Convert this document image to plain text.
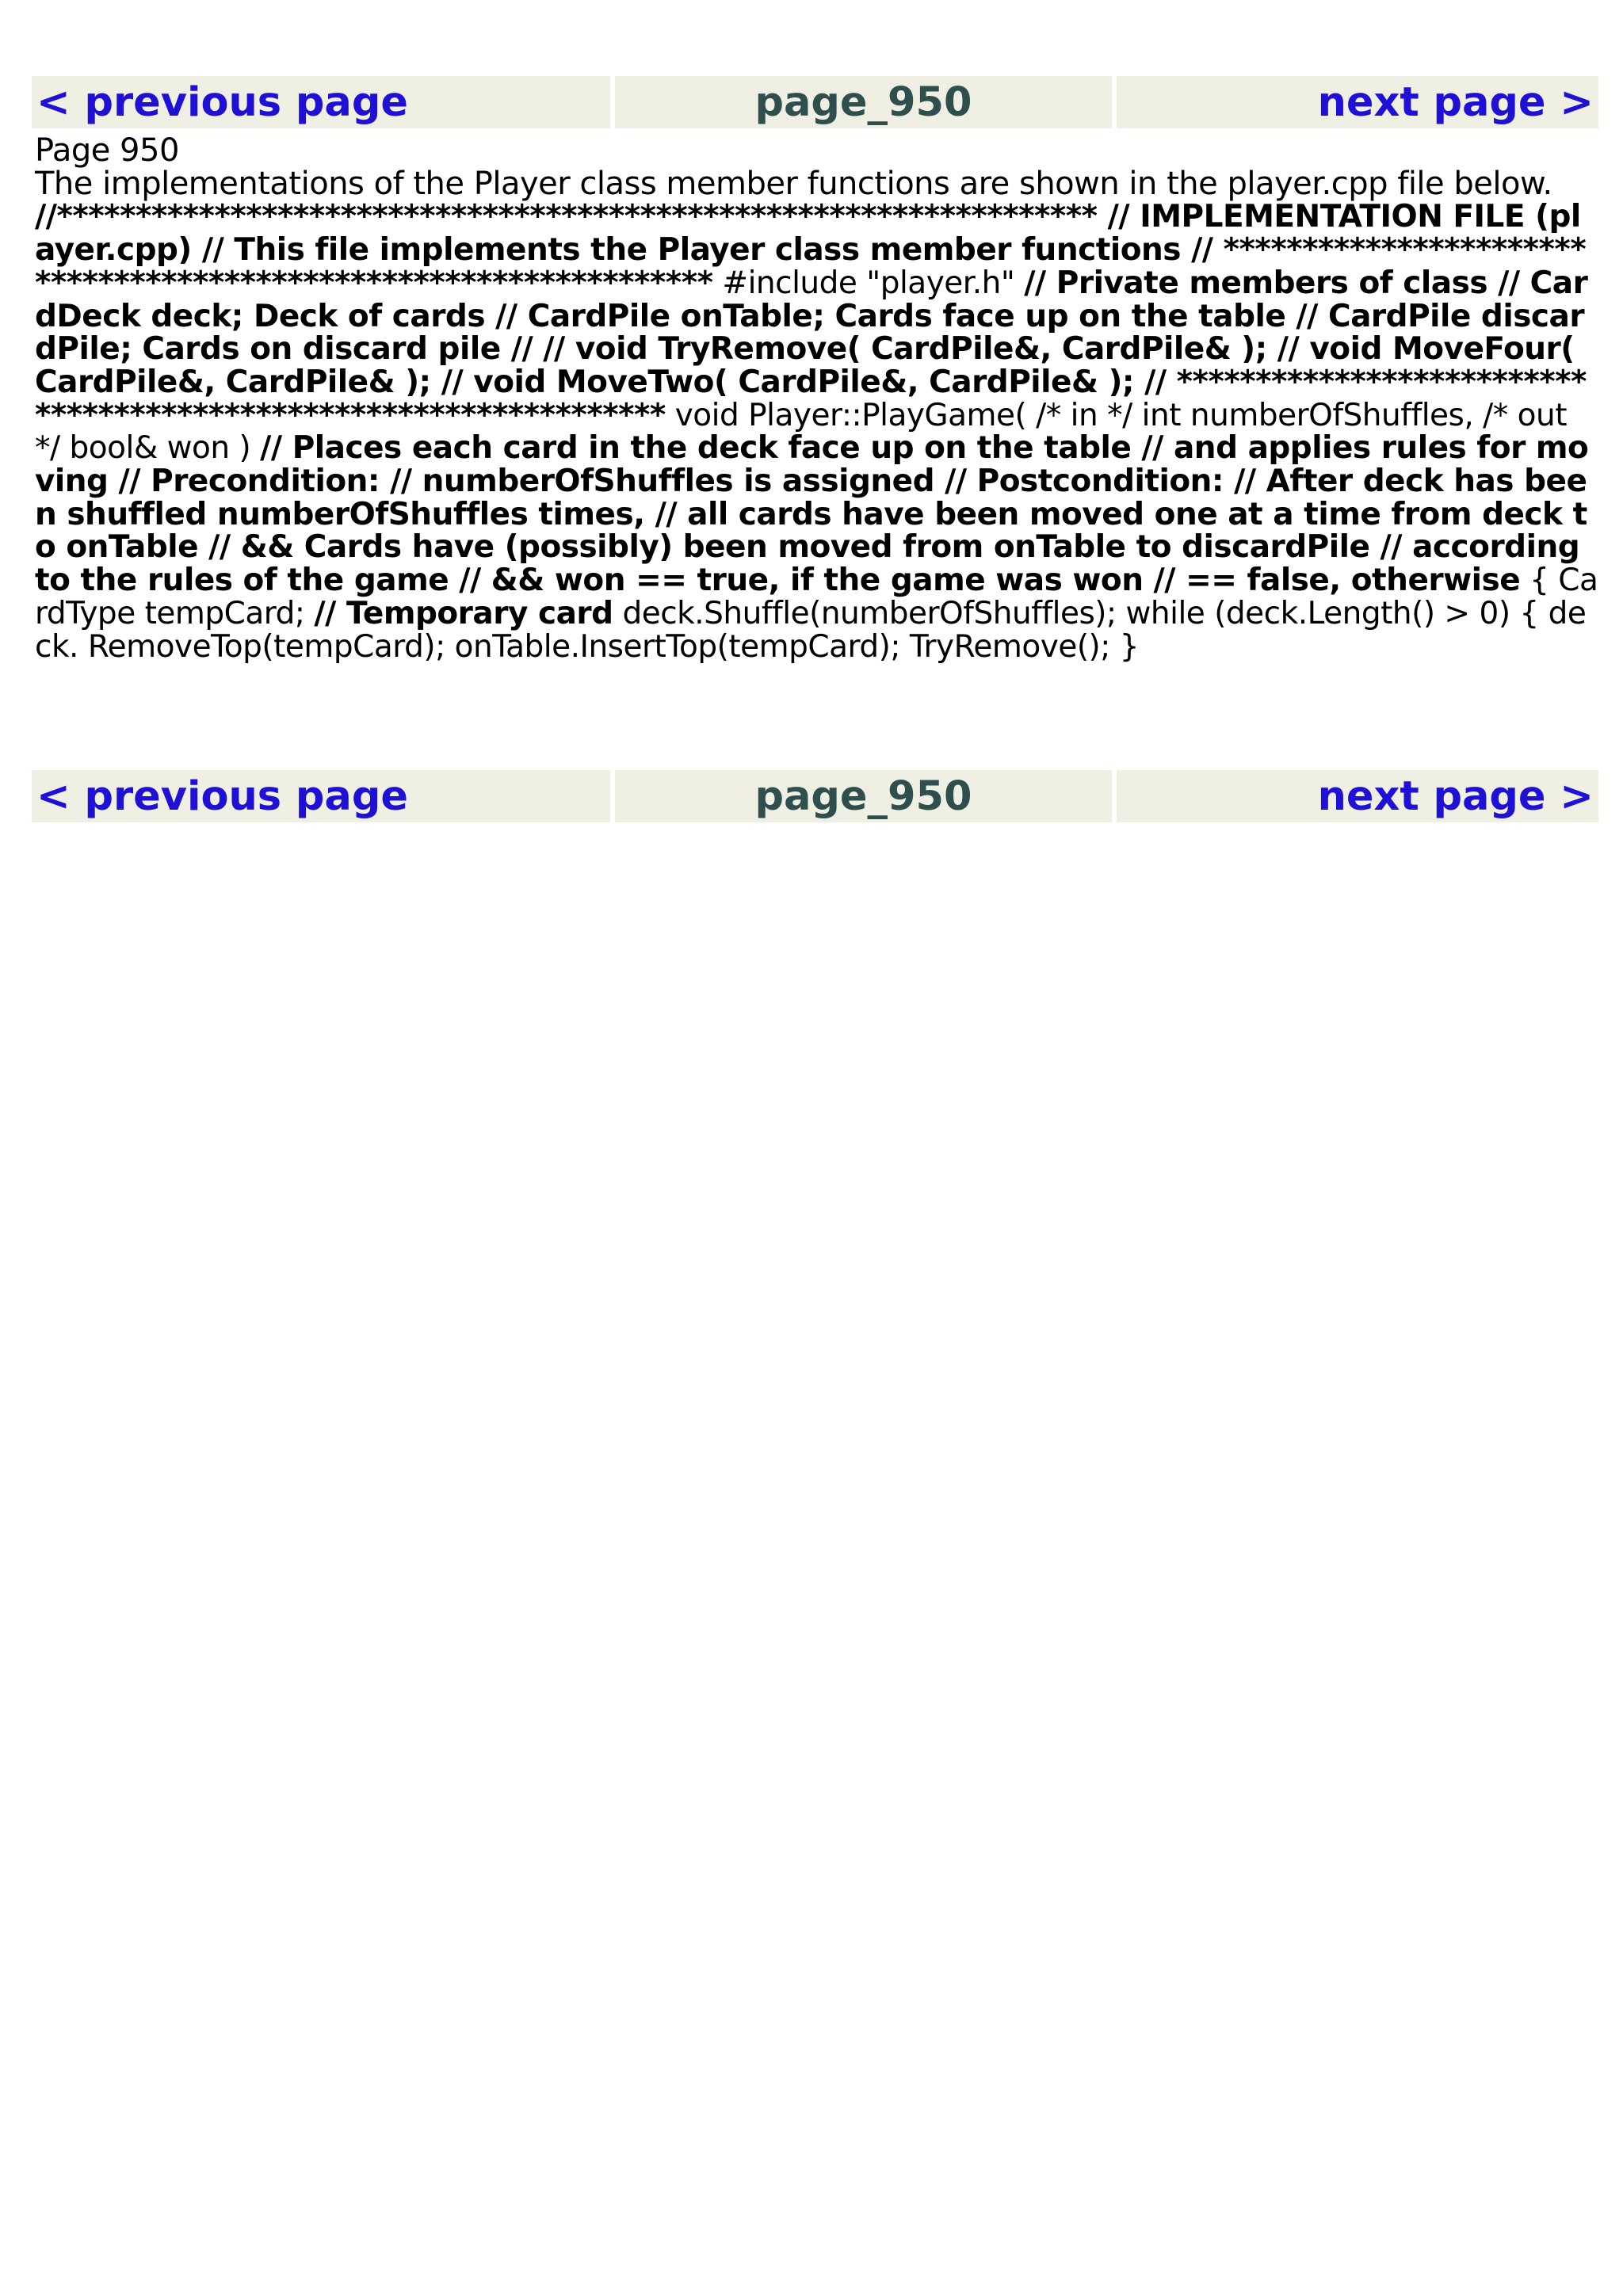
< previous page	page_950	next page >

Page 950

The implementations of the Player class member functions are shown in the player.cpp file below.

//****************************************************************** // IMPLEMENTATION FILE (player.cpp) // This file implements the Player class member functions // ****************************************************************** #include "player.h" // Private members of class // CardDeck deck; Deck of cards // CardPile onTable; Cards face up on the table // CardPile discardPile; Cards on discard pile // // void TryRemove( CardPile&, CardPile& ); // void MoveFour( CardPile&, CardPile& ); // void MoveTwo( CardPile&, CardPile& ); // ****************************************************************** void Player::PlayGame( /* in */ int numberOfShuffles, /* out */ bool& won ) // Places each card in the deck face up on the table // and applies rules for moving // Precondition: // numberOfShuffles is assigned // Postcondition: // After deck has been shuffled numberOfShuffles times, // all cards have been moved one at a time from deck to onTable // && Cards have (possibly) been moved from onTable to discardPile // according to the rules of the game // && won == true, if the game was won // == false, otherwise { CardType tempCard; // Temporary card deck.Shuffle(numberOfShuffles); while (deck.Length() > 0) { deck. RemoveTop(tempCard); onTable.InsertTop(tempCard); TryRemove(); }

< previous page	page_950	next page >
